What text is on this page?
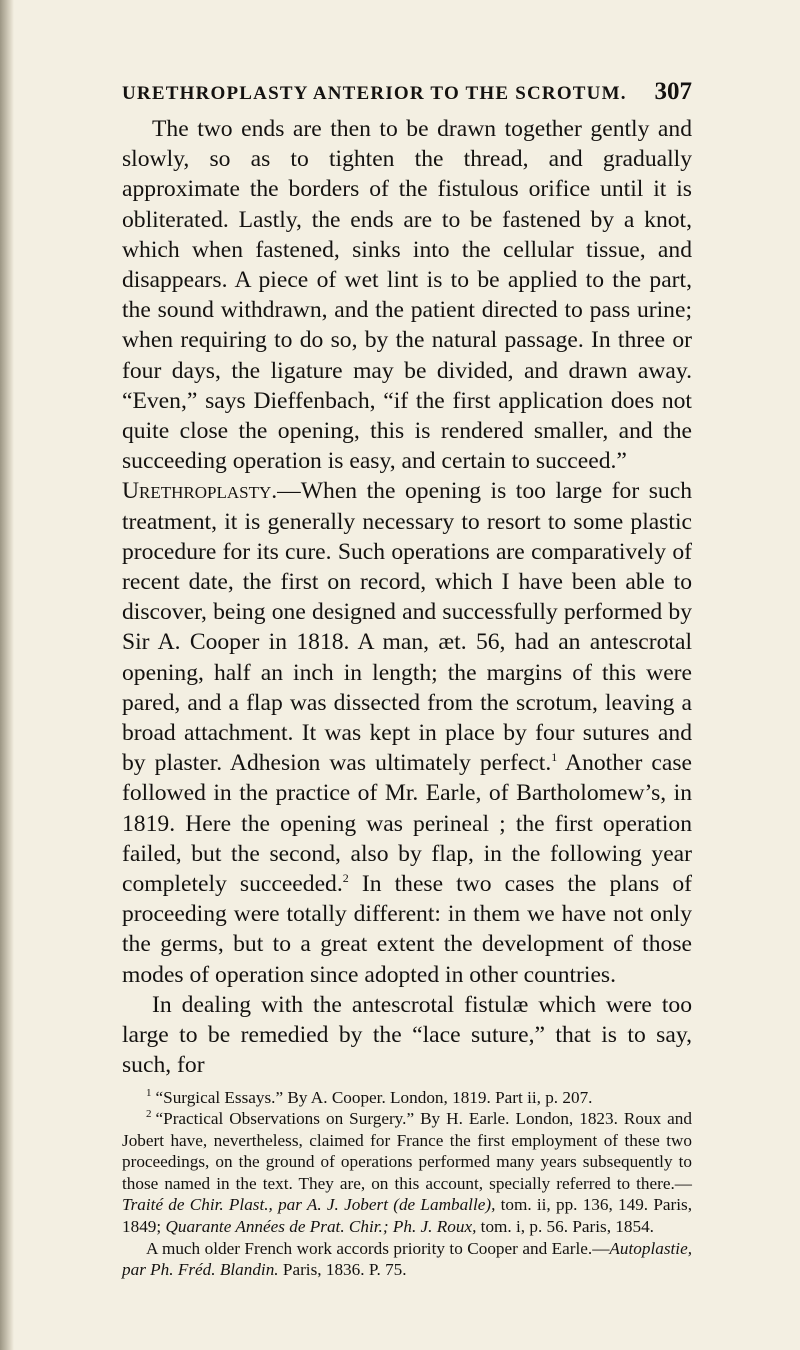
URETHROPLASTY ANTERIOR TO THE SCROTUM. 307

The two ends are then to be drawn together gently and slowly, so as to tighten the thread, and gradually approximate the borders of the fistulous orifice until it is obliterated. Lastly, the ends are to be fastened by a knot, which when fastened, sinks into the cellular tissue, and disappears. A piece of wet lint is to be applied to the part, the sound withdrawn, and the patient directed to pass urine; when requiring to do so, by the natural passage. In three or four days, the ligature may be divided, and drawn away. “Even,” says Dieffenbach, “if the first application does not quite close the opening, this is rendered smaller, and the succeeding operation is easy, and certain to succeed.”

Urethroplasty.—When the opening is too large for such treatment, it is generally necessary to resort to some plastic procedure for its cure. Such operations are comparatively of recent date, the first on record, which I have been able to discover, being one designed and successfully performed by Sir A. Cooper in 1818. A man, æt. 56, had an antescrotal opening, half an inch in length; the margins of this were pared, and a flap was dissected from the scrotum, leaving a broad attachment. It was kept in place by four sutures and by plaster. Adhesion was ultimately perfect.$^1$ Another case followed in the practice of Mr. Earle, of Bartholomew’s, in 1819. Here the opening was perineal ; the first operation failed, but the second, also by flap, in the following year completely succeeded.$^2$ In these two cases the plans of proceeding were totally different: in them we have not only the germs, but to a great extent the development of those modes of operation since adopted in other countries.

In dealing with the antescrotal fistulæ which were too large to be remedied by the “lace suture,” that is to say, such, for

$^1$ “Surgical Essays.” By A. Cooper. London, 1819. Part ii, p. 207.

$^2$ “Practical Observations on Surgery.” By H. Earle. London, 1823. Roux and Jobert have, nevertheless, claimed for France the first employment of these two proceedings, on the ground of operations performed many years subsequently to those named in the text. They are, on this account, specially referred to there.—Traité de Chir. Plast., par A. J. Jobert (de Lamballe), tom. ii, pp. 136, 149. Paris, 1849; Quarante Années de Prat. Chir.; Ph. J. Roux, tom. i, p. 56. Paris, 1854.

A much older French work accords priority to Cooper and Earle.—Autoplastie, par Ph. Fréd. Blandin. Paris, 1836. P. 75.
